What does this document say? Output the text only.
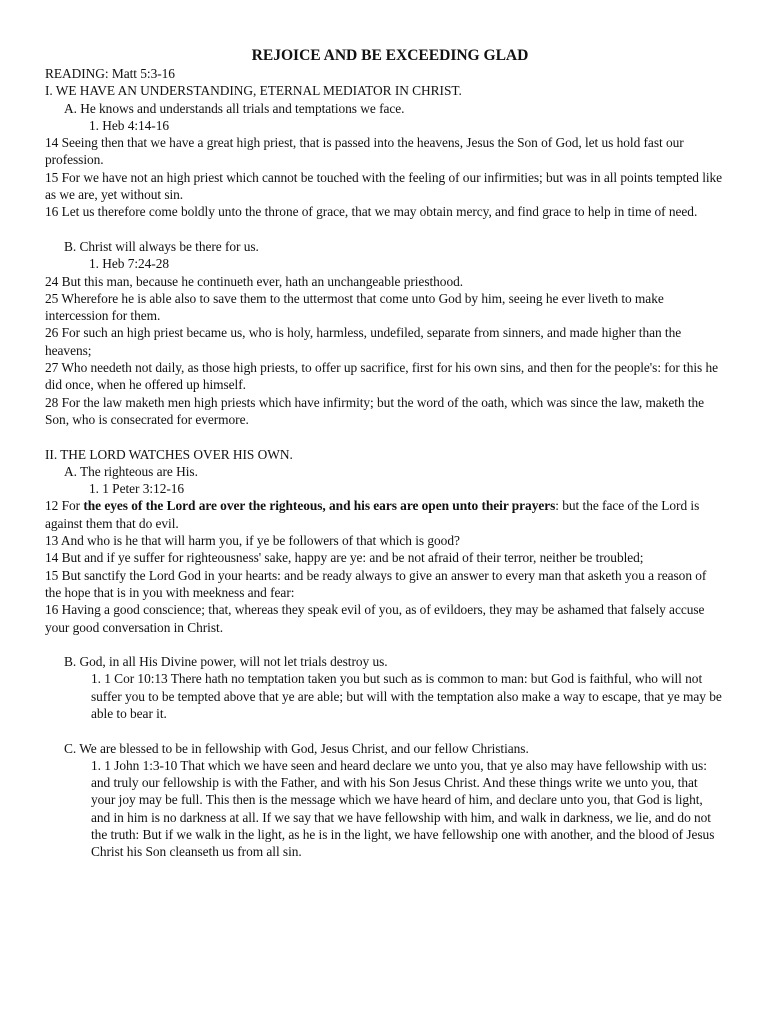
REJOICE AND BE EXCEEDING GLAD
READING: Matt 5:3-16
I. WE HAVE AN UNDERSTANDING, ETERNAL MEDIATOR IN CHRIST.
A. He knows and understands all trials and temptations we face.
1. Heb 4:14-16
14 Seeing then that we have a great high priest, that is passed into the heavens, Jesus the Son of God, let us hold fast our profession.
15 For we have not an high priest which cannot be touched with the feeling of our infirmities; but was in all points tempted like as we are, yet without sin.
16 Let us therefore come boldly unto the throne of grace, that we may obtain mercy, and find grace to help in time of need.
B. Christ will always be there for us.
1. Heb 7:24-28
24 But this man, because he continueth ever, hath an unchangeable priesthood.
25 Wherefore he is able also to save them to the uttermost that come unto God by him, seeing he ever liveth to make intercession for them.
26 For such an high priest became us, who is holy, harmless, undefiled, separate from sinners, and made higher than the heavens;
27 Who needeth not daily, as those high priests, to offer up sacrifice, first for his own sins, and then for the people's: for this he did once, when he offered up himself.
28 For the law maketh men high priests which have infirmity; but the word of the oath, which was since the law, maketh the Son, who is consecrated for evermore.
II. THE LORD WATCHES OVER HIS OWN.
A. The righteous are His.
1. 1 Peter 3:12-16
12 For the eyes of the Lord are over the righteous, and his ears are open unto their prayers: but the face of the Lord is against them that do evil.
13 And who is he that will harm you, if ye be followers of that which is good?
14 But and if ye suffer for righteousness' sake, happy are ye: and be not afraid of their terror, neither be troubled;
15 But sanctify the Lord God in your hearts: and be ready always to give an answer to every man that asketh you a reason of the hope that is in you with meekness and fear:
16 Having a good conscience; that, whereas they speak evil of you, as of evildoers, they may be ashamed that falsely accuse your good conversation in Christ.
B. God, in all His Divine power, will not let trials destroy us.
1. 1 Cor 10:13 There hath no temptation taken you but such as is common to man: but God is faithful, who will not suffer you to be tempted above that ye are able; but will with the temptation also make a way to escape, that ye may be able to bear it.
C. We are blessed to be in fellowship with God, Jesus Christ, and our fellow Christians.
1. 1 John 1:3-10 That which we have seen and heard declare we unto you, that ye also may have fellowship with us: and truly our fellowship is with the Father, and with his Son Jesus Christ. And these things write we unto you, that your joy may be full. This then is the message which we have heard of him, and declare unto you, that God is light, and in him is no darkness at all. If we say that we have fellowship with him, and walk in darkness, we lie, and do not the truth: But if we walk in the light, as he is in the light, we have fellowship one with another, and the blood of Jesus Christ his Son cleanseth us from all sin.
